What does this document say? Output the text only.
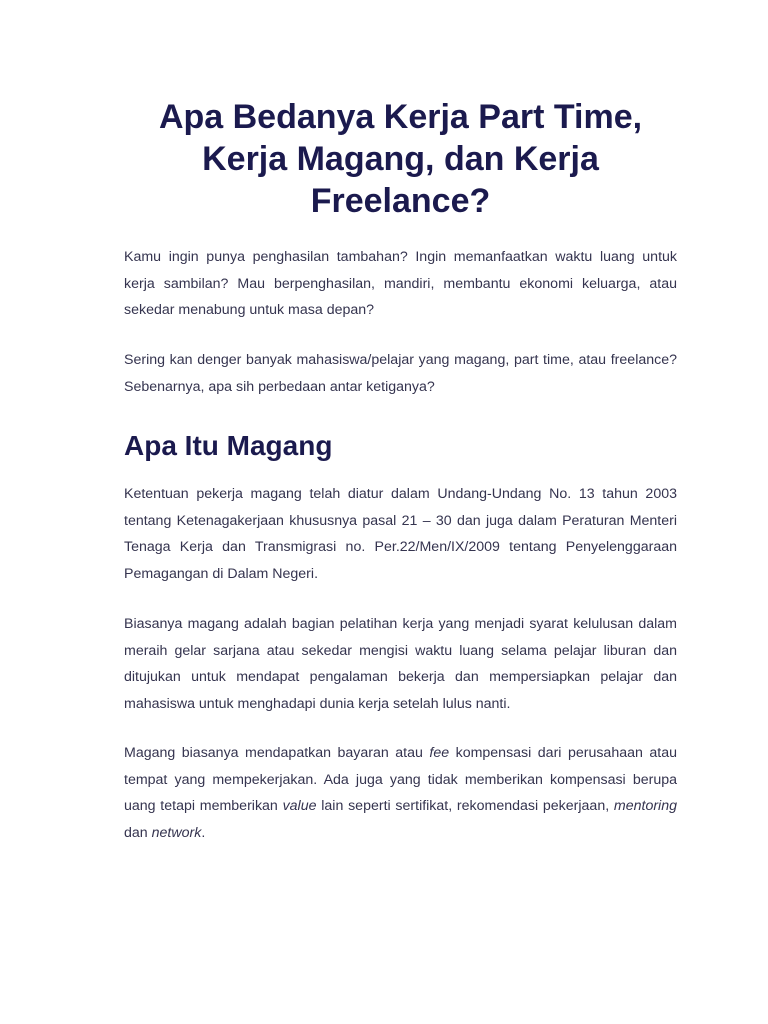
Apa Bedanya Kerja Part Time, Kerja Magang, dan Kerja Freelance?

Kamu ingin punya penghasilan tambahan? Ingin memanfaatkan waktu luang untuk kerja sambilan? Mau berpenghasilan, mandiri, membantu ekonomi keluarga, atau sekedar menabung untuk masa depan?

Sering kan denger banyak mahasiswa/pelajar yang magang, part time, atau freelance? Sebenarnya, apa sih perbedaan antar ketiganya?

Apa Itu Magang

Ketentuan pekerja magang telah diatur dalam Undang-Undang No. 13 tahun 2003 tentang Ketenagakerjaan khususnya pasal 21 – 30 dan juga dalam Peraturan Menteri Tenaga Kerja dan Transmigrasi no. Per.22/Men/IX/2009 tentang Penyelenggaraan Pemagangan di Dalam Negeri.

Biasanya magang adalah bagian pelatihan kerja yang menjadi syarat kelulusan dalam meraih gelar sarjana atau sekedar mengisi waktu luang selama pelajar liburan dan ditujukan untuk mendapat pengalaman bekerja dan mempersiapkan pelajar dan mahasiswa untuk menghadapi dunia kerja setelah lulus nanti.

Magang biasanya mendapatkan bayaran atau fee kompensasi dari perusahaan atau tempat yang mempekerjakan. Ada juga yang tidak memberikan kompensasi berupa uang tetapi memberikan value lain seperti sertifikat, rekomendasi pekerjaan, mentoring dan network.
